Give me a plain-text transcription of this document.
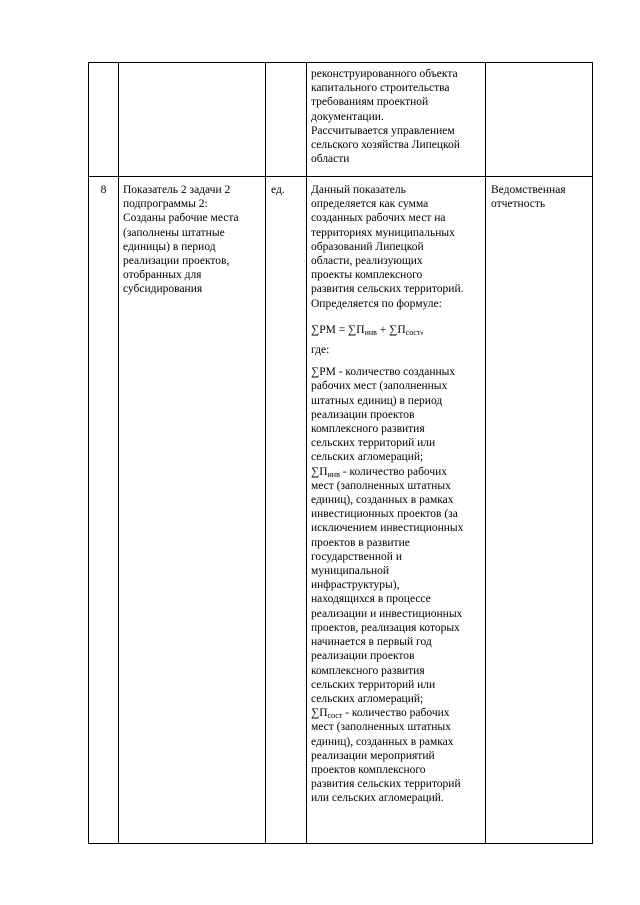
реконструированного объекта
капитального строительства
требованиям проектной
документации.
Рассчитывается управлением
сельского хозяйства Липецкой
области

8	Показатель 2 задачи 2
подпрограммы 2:
Созданы рабочие места
(заполнены штатные
единицы) в период
реализации проектов,
отобранных для
субсидирования

ед.	Данный показатель
определяется как сумма
созданных рабочих мест на
территориях муниципальных
образований Липецкой
области, реализующих
проекты комплексного
развития сельских территорий.
Определяется по формуле:

$\sum РМ = \sum П_{инв} + \sum П_{сост}$,

где:

∑РМ - количество созданных
рабочих мест (заполненных
штатных единиц) в период
реализации проектов
комплексного развития
сельских территорий или
сельских агломераций;

$\sum П_{инв}$ - количество рабочих
мест (заполненных штатных
единиц), созданных в рамках
инвестиционных проектов (за
исключением инвестиционных
проектов в развитие
государственной и
муниципальной
инфраструктуры),
находящихся в процессе
реализации и инвестиционных
проектов, реализация которых
начинается в первый год
реализации проектов
комплексного развития
сельских территорий или
сельских агломераций;

$\sum П_{сост}$ - количество рабочих
мест (заполненных штатных
единиц), созданных в рамках
реализации мероприятий
проектов комплексного
развития сельских территорий
или сельских агломераций.

Ведомственная
отчетность
